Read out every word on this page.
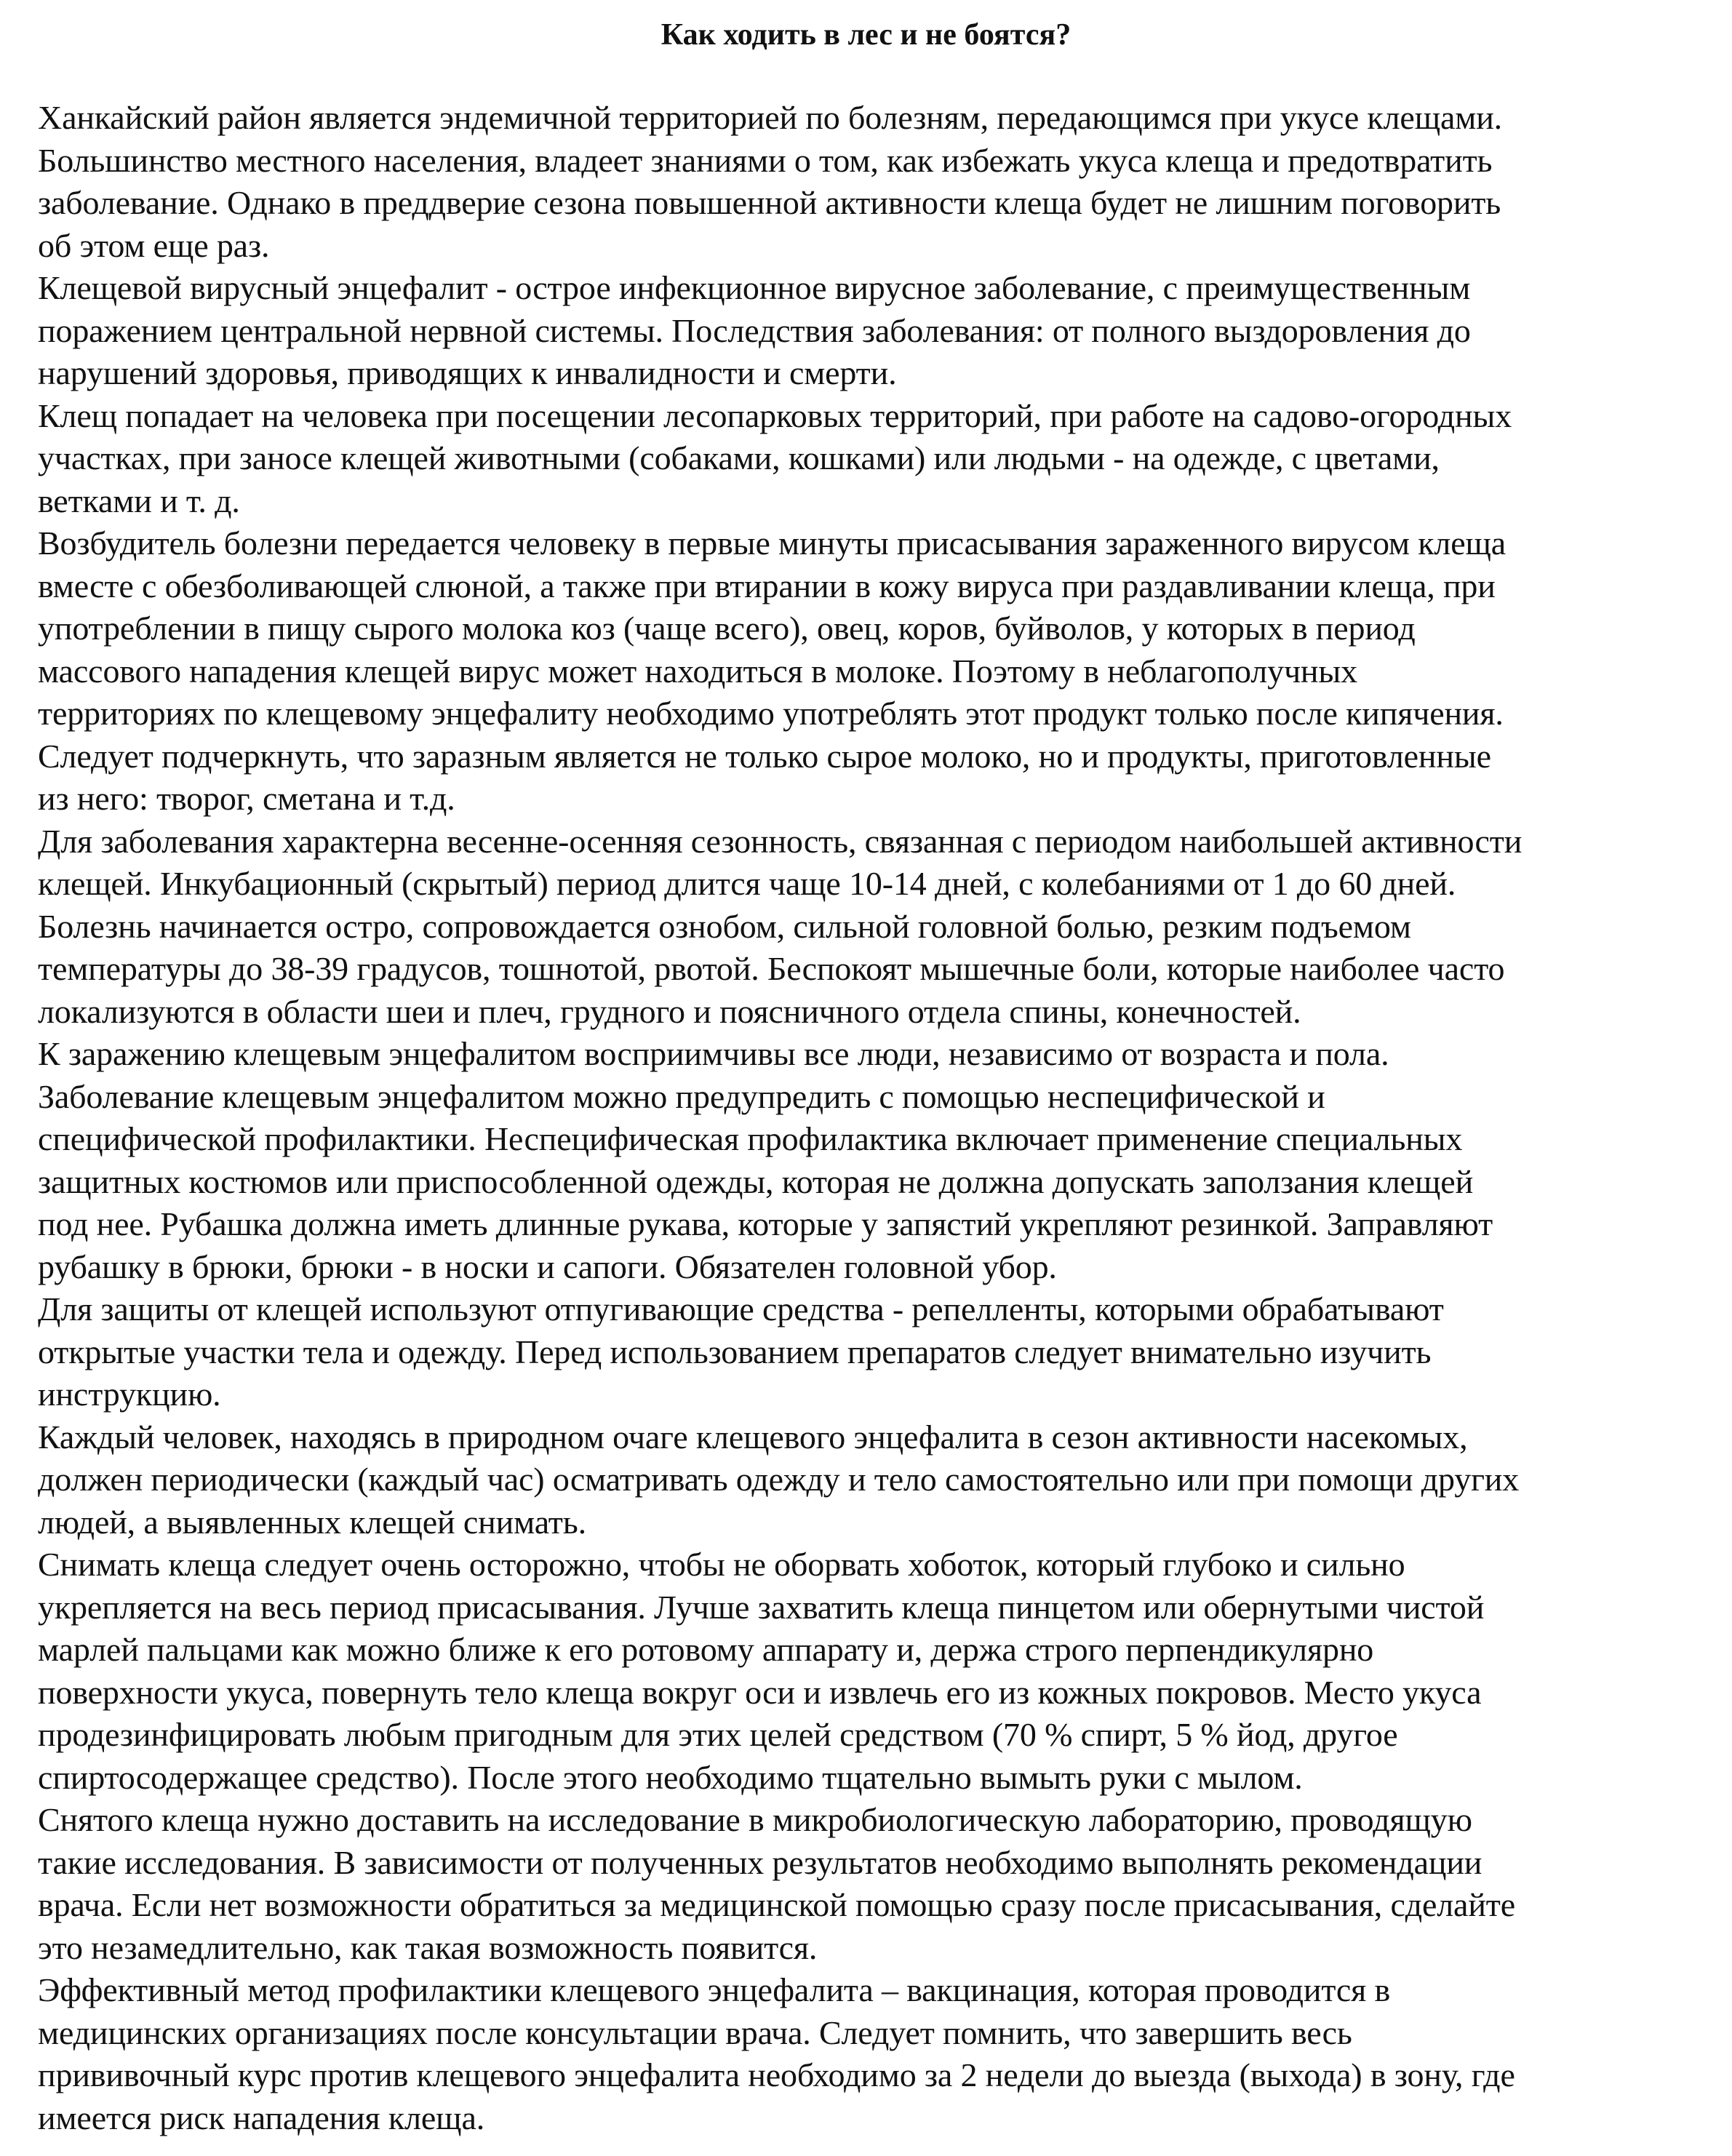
Как ходить в лес и не боятся?

Ханкайский район является эндемичной территорией по болезням, передающимся при укусе клещами.
Большинство местного населения, владеет знаниями о том, как избежать укуса клеща и предотвратить
заболевание. Однако в преддверие сезона повышенной активности клеща будет не лишним поговорить
об этом еще раз.

Клещевой вирусный энцефалит - острое инфекционное вирусное заболевание, с преимущественным
поражением центральной нервной системы. Последствия заболевания: от полного выздоровления до
нарушений здоровья, приводящих к инвалидности и смерти.

Клещ попадает на человека при посещении лесопарковых территорий, при работе на садово-огородных
участках, при заносе клещей животными (собаками, кошками) или людьми - на одежде, с цветами,
ветками и т. д.

Возбудитель болезни передается человеку в первые минуты присасывания зараженного вирусом клеща
вместе с обезболивающей слюной, а также при втирании в кожу вируса при раздавливании клеща, при
употреблении в пищу сырого молока коз (чаще всего), овец, коров, буйволов, у которых в период
массового нападения клещей вирус может находиться в молоке. Поэтому в неблагополучных
территориях по клещевому энцефалиту необходимо употреблять этот продукт только после кипячения.
Следует подчеркнуть, что заразным является не только сырое молоко, но и продукты, приготовленные
из него: творог, сметана и т.д.

Для заболевания характерна весенне-осенняя сезонность, связанная с периодом наибольшей активности
клещей. Инкубационный (скрытый) период длится чаще 10-14 дней, с колебаниями от 1 до 60 дней.
Болезнь начинается остро, сопровождается ознобом, сильной головной болью, резким подъемом
температуры до 38-39 градусов, тошнотой, рвотой. Беспокоят мышечные боли, которые наиболее часто
локализуются в области шеи и плеч, грудного и поясничного отдела спины, конечностей.

К заражению клещевым энцефалитом восприимчивы все люди, независимо от возраста и пола.

Заболевание клещевым энцефалитом можно предупредить с помощью неспецифической и
специфической профилактики. Неспецифическая профилактика включает применение специальных
защитных костюмов или приспособленной одежды, которая не должна допускать заползания клещей
под нее. Рубашка должна иметь длинные рукава, которые у запястий укрепляют резинкой. Заправляют
рубашку в брюки, брюки - в носки и сапоги. Обязателен головной убор.

Для защиты от клещей используют отпугивающие средства - репелленты, которыми обрабатывают
открытые участки тела и одежду. Перед использованием препаратов следует внимательно изучить
инструкцию.

Каждый человек, находясь в природном очаге клещевого энцефалита в сезон активности насекомых,
должен периодически (каждый час) осматривать одежду и тело самостоятельно или при помощи других
людей, а выявленных клещей снимать.

Снимать клеща следует очень осторожно, чтобы не оборвать хоботок, который глубоко и сильно
укрепляется на весь период присасывания. Лучше захватить клеща пинцетом или обернутыми чистой
марлей пальцами как можно ближе к его ротовому аппарату и, держа строго перпендикулярно
поверхности укуса, повернуть тело клеща вокруг оси и извлечь его из кожных покровов. Место укуса
продезинфицировать любым пригодным для этих целей средством (70 % спирт, 5 % йод, другое
спиртосодержащее средство). После этого необходимо тщательно вымыть руки с мылом.

Снятого клеща нужно доставить на исследование в микробиологическую лабораторию, проводящую
такие исследования. В зависимости от полученных результатов необходимо выполнять рекомендации
врача. Если нет возможности обратиться за медицинской помощью сразу после присасывания, сделайте
это незамедлительно, как такая возможность появится.

Эффективный метод профилактики клещевого энцефалита – вакцинация, которая проводится в
медицинских организациях после консультации врача. Следует помнить, что завершить весь
прививочный курс против клещевого энцефалита необходимо за 2 недели до выезда (выхода) в зону, где
имеется риск нападения клеща.
